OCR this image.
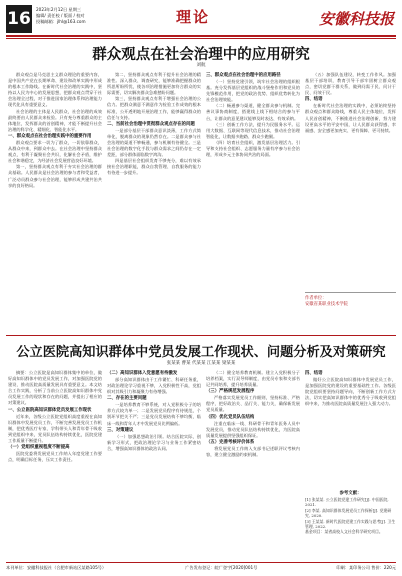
16 2023年2月12日 星期三
编辑/ 责任校 / 版面 / 校对
投稿邮箱：jlhl@163.com	理论	安徽科技报
群众观点在社会治理中的应用研究
刘航

群众观点是马克思主义群众理论的重要内容，是中国共产党在长期革命、建设和改革实践中形成的根本工作路线。在新时代社会治理的实践中，坚持以人民为中心的发展思想，把群众观点贯穿于社会治理全过程，对于推进国家治理体系和治理能力现代化具有重要意义。

社会治理的主体是人民群众，社会治理的成效最终要由人民群众来检验。只有充分尊重群众的主体地位，发挥群众的首创精神，才能不断提升社会治理的科学化、精细化、智能化水平。

一、群众观点在社会治理实践中的重要作用

群众观点要求一切为了群众，一切依靠群众，从群众中来，到群众中去。在社会治理中坚持群众观点，有利于凝聚社会共识，化解社会矛盾，维护社会和谐稳定，为经济社会发展营造良好环境。

第一，坚持群众观点有利于夯实社会治理的群众基础。人民群众是社会治理的参与者和受益者，广泛动员群众参与社会治理，能够形成共建共治共享的良好格局。

第二，坚持群众观点有利于提升社会治理的精准性。深入群众、调查研究，能够准确把握群众的所思所盼所忧，使各项治理措施更加符合群众的实际需要，切实解决群众急难愁盼问题。

第三，坚持群众观点有利于增强社会治理的公信力。把群众满意不满意作为检验工作成效的根本标准，公开透明地开展治理工作，能够赢得群众的信任与支持。

二、当前社会治理中贯彻群众观点存在的问题

一是部分基层干部群众意识淡薄，工作方式简单化，脱离群众的现象仍然存在。二是群众参与社会治理的渠道不够畅通，参与机制有待健全。三是社会治理的数字化手段与群众需求之间仍存在一定差距，部分群体面临数字鸿沟。

四是基层社会组织发育不够充分，难以有效承接社会治理职能，群众自我管理、自我服务的能力有待进一步提升。

三、群众观点在社会治理中的应用路径

（一）坚持党建引领，筑牢社会治理的组织根基。充分发挥基层党组织的战斗堡垒作用和党员的先锋模范作用，把党的政治优势、组织优势转化为社会治理效能。

（二）畅通参与渠道，健全群众参与机制。完善议事协商制度，搭建线上线下相结合的参与平台，让群众的意见建议能够及时表达、有效采纳。

（三）创新工作方法，提升为民服务水平。运用大数据、互联网等现代信息技术，推动社会治理智能化，让数据多跑路、群众少跑腿。

（四）培育社会组织，激发基层治理活力。引导和支持社会组织、志愿服务力量有序参与社会治理，形成多元主体协同共治的局面。

（五）加强队伍建设，转变工作作风。加强基层干部培训，教育引导干部牢固树立群众观点，密切党群干群关系，做到问需于民、问计于民、问效于民。

四、结语

在新时代社会治理的实践中，必须始终坚持群众观点和群众路线，尊重人民主体地位，发挥人民首创精神，不断推进社会治理创新，努力建设更高水平的平安中国，让人民群众获得感、幸福感、安全感更加充实、更有保障、更可持续。

作者单位：
安徽省某职业技术学院
公立医院高知识群体中党员发展工作现状、问题分析及对策研究
张某某 曹某 代某某 江某某 梁某某

摘要：公立医院是高知识群体集中的单位，做好高知识群体中的党员发展工作，对加强医院党的建设、推动医院高质量发展具有重要意义。本文结合工作实践，分析了当前公立医院高知识群体中党员发展工作的现状和存在的问题，并提出了相应的对策建议。

一、公立医院高知识群体党员发展工作现状

近年来，各级公立医院党组织高度重视在高知识群体中发展党员工作，不断完善发展党员工作机制，把优秀医疗专家、学科带头人和青年骨干吸收到党组织中来，党员队伍结构持续优化，医院党建工作质量不断提升。

（一）党组织重视程度不断提高

医院党委将发展党员工作纳入年度党建工作要点，明确目标任务，压实工作责任。

（二）高知识群体入党意愿有待激发

部分高知识群体由于工作繁忙、科研任务重，对政治理论学习重视不够，入党积极性不高，党组织对其吸引力和凝聚力有待增强。

二、存在的主要问题

一是培养教育不够系统，对入党积极分子的培养方式较为单一；二是发展党员程序有待规范，个别环节把关不严；三是党员发展结构不够均衡，临床一线和青年人才中发展党员比例偏低。

三、对策建议

（一）加强思想政治引领。结合医院实际，创新学习形式，把政治理论学习与业务工作紧密结合，增强高知识群体的政治认同。

（二）健全培养教育机制。建立入党积极分子培养档案，实行双导师制度，由党员专家和支部书记共同培养，提升培养质量。

（三）严格规范发展程序

严格落实发展党员工作细则，坚持标准、严格程序，把好政治关、品行关、能力关，确保新发展党员质量。

（四）优化党员队伍结构

注重在临床一线、科研骨干和青年医务人员中发展党员，推动党员队伍结构持续优化，为医院高质量发展提供坚强组织保证。

（五）完善考核评价体系

将发展党员工作纳入支部书记述职评议考核内容，建立健全激励约束机制。

四、结语

做好公立医院高知识群体中发展党员工作，是加强医院党的建设的重要基础性工作。各级医院党组织要坚持问题导向，不断创新工作方式方法，切实把高知识群体中的优秀分子吸收到党组织中来，为推动医院高质量发展注入强大动力。

参考文献：

[1] 张某某. 公立医院党建工作研究[J]. 中国医院, 2021.

[2] 李某. 高知识群体发展党员工作探析[J]. 党建研究, 2020.

[3] 王某某. 新时代医院党建工作实践与思考[J]. 卫生管理, 2022.

基金项目：某省高校人文社会科学研究项目。

本刊单位：安徽科技报社（合肥市新站区某路105号）	广告发布登记：皖广登字[2020]001号	印刷：某印务公司 售价：220元
